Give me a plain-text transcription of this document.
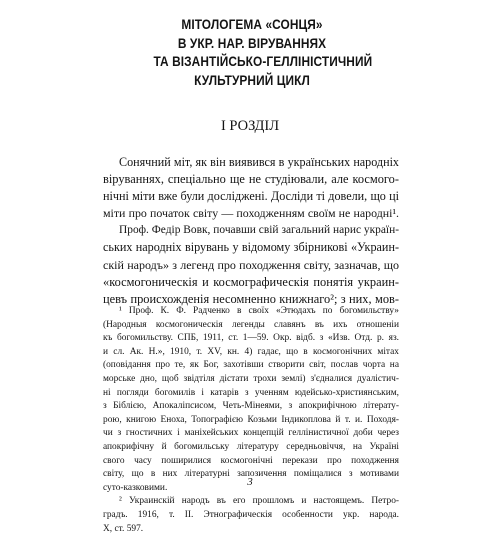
МІТОЛОГЕМА «СОНЦЯ»
В УКР. НАР. ВІРУВАННЯХ
ТА ВІЗАНТІЙСЬКО-ГЕЛЛІНІСТИЧНИЙ
КУЛЬТУРНИЙ ЦИКЛ
І РОЗДІЛ
Сонячний міт, як він виявився в українських народніх
віруваннях, спеціально ще не студіювали, але космого-
нічні міти вже були досліджені. Досліди ті довели, що ці
міти про початок світу — походженням своїм не народні¹.
Проф. Федір Вовк, почавши свій загальний нарис україн-
ських народніх вірувань у відомому збірникові «Украин-
скій народъ» з легенд про походження світу, зазначав, що
«космогоническія и космографическія понятія украин-
цевъ происхожденія несомненно книжнаго²; з них, мов-
¹ Проф. К. Ф. Радченко в своїх «Этюдахъ по богомильству»
(Народныя космогоническія легенды славянъ въ ихъ отношеніи
къ богомильству. СПБ, 1911, ст. 1—59. Окр. відб. з «Изв. Отд. р. яз.
и сл. Ак. Н.», 1910, т. XV, кн. 4) гадає, що в космогонічних мітах
(оповідання про те, як Бог, захотівши створити світ, послав чорта на
морське дно, щоб звідтіля дістати трохи землі) з'єдналися дуалістич-
ні погляди богомилів і катарів з ученням юдейсько-християнським,
з Біблією, Апокаліпсисом, Четь-Мінеями, з апокрифічною літерату-
рою, книгою Еноха, Топографією Козьми Індикоплова й т. и. Походя-
чи з гностичних і маніхейських концепцій геллінистичної доби через
апокрифічну й богомильську літературу середньовіччя, на Україні
свого часу поширилися космогонічні перекази про походження
світу, що в них літературні запозичення поміщалися з мотивами
суто-казковими.
² Украинскій народъ въ его прошломъ и настоящемъ. Петро-
градъ. 1916, т. II. Этнографическія особенности укр. народа.
X, ст. 597.
3
